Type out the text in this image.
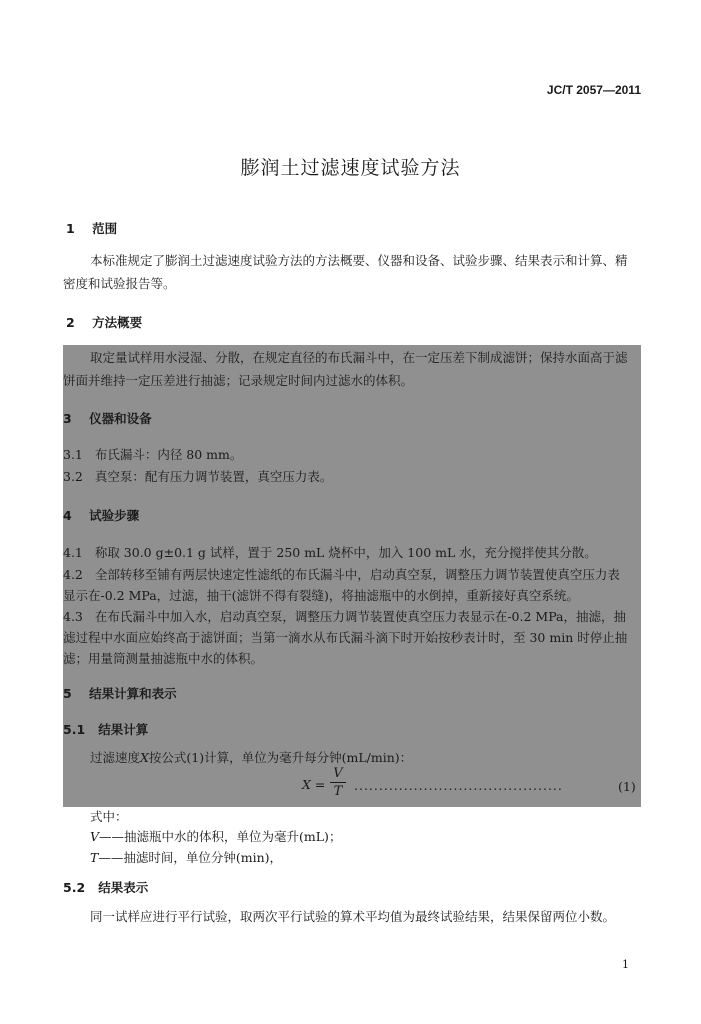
JC/T 2057—2011
膨润土过滤速度试验方法
1 范围
本标准规定了膨润土过滤速度试验方法的方法概要、仪器和设备、试验步骤、结果表示和计算、精
密度和试验报告等。
2 方法概要
取定量试样用水浸湿、分散，在规定直径的布氏漏斗中，在一定压差下制成滤饼；保持水面高于滤
饼面并维持一定压差进行抽滤；记录规定时间内过滤水的体积。
3 仪器和设备
3.1 布氏漏斗：内径 80 mm。
3.2 真空泵：配有压力调节装置，真空压力表。
4 试验步骤
4.1 称取 30.0 g±0.1 g 试样，置于 250 mL 烧杯中，加入 100 mL 水，充分搅拌使其分散。
4.2 全部转移至铺有两层快速定性滤纸的布氏漏斗中，启动真空泵，调整压力调节装置使真空压力表
显示在-0.2 MPa，过滤，抽干(滤饼不得有裂缝)，将抽滤瓶中的水倒掉，重新接好真空系统。
4.3 在布氏漏斗中加入水，启动真空泵，调整压力调节装置使真空压力表显示在-0.2 MPa，抽滤，抽
滤过程中水面应始终高于滤饼面；当第一滴水从布氏漏斗滴下时开始按秒表计时，至 30 min 时停止抽
滤；用量筒测量抽滤瓶中水的体积。
5 结果计算和表示
5.1 结果计算
过滤速度X按公式(1)计算，单位为毫升每分钟(mL/min)：
X =
V
T ..........................................	(1)
式中：
V——抽滤瓶中水的体积，单位为毫升(mL)；
T——抽滤时间，单位分钟(min)，
5.2 结果表示
同一试样应进行平行试验，取两次平行试验的算术平均值为最终试验结果，结果保留两位小数。
1
